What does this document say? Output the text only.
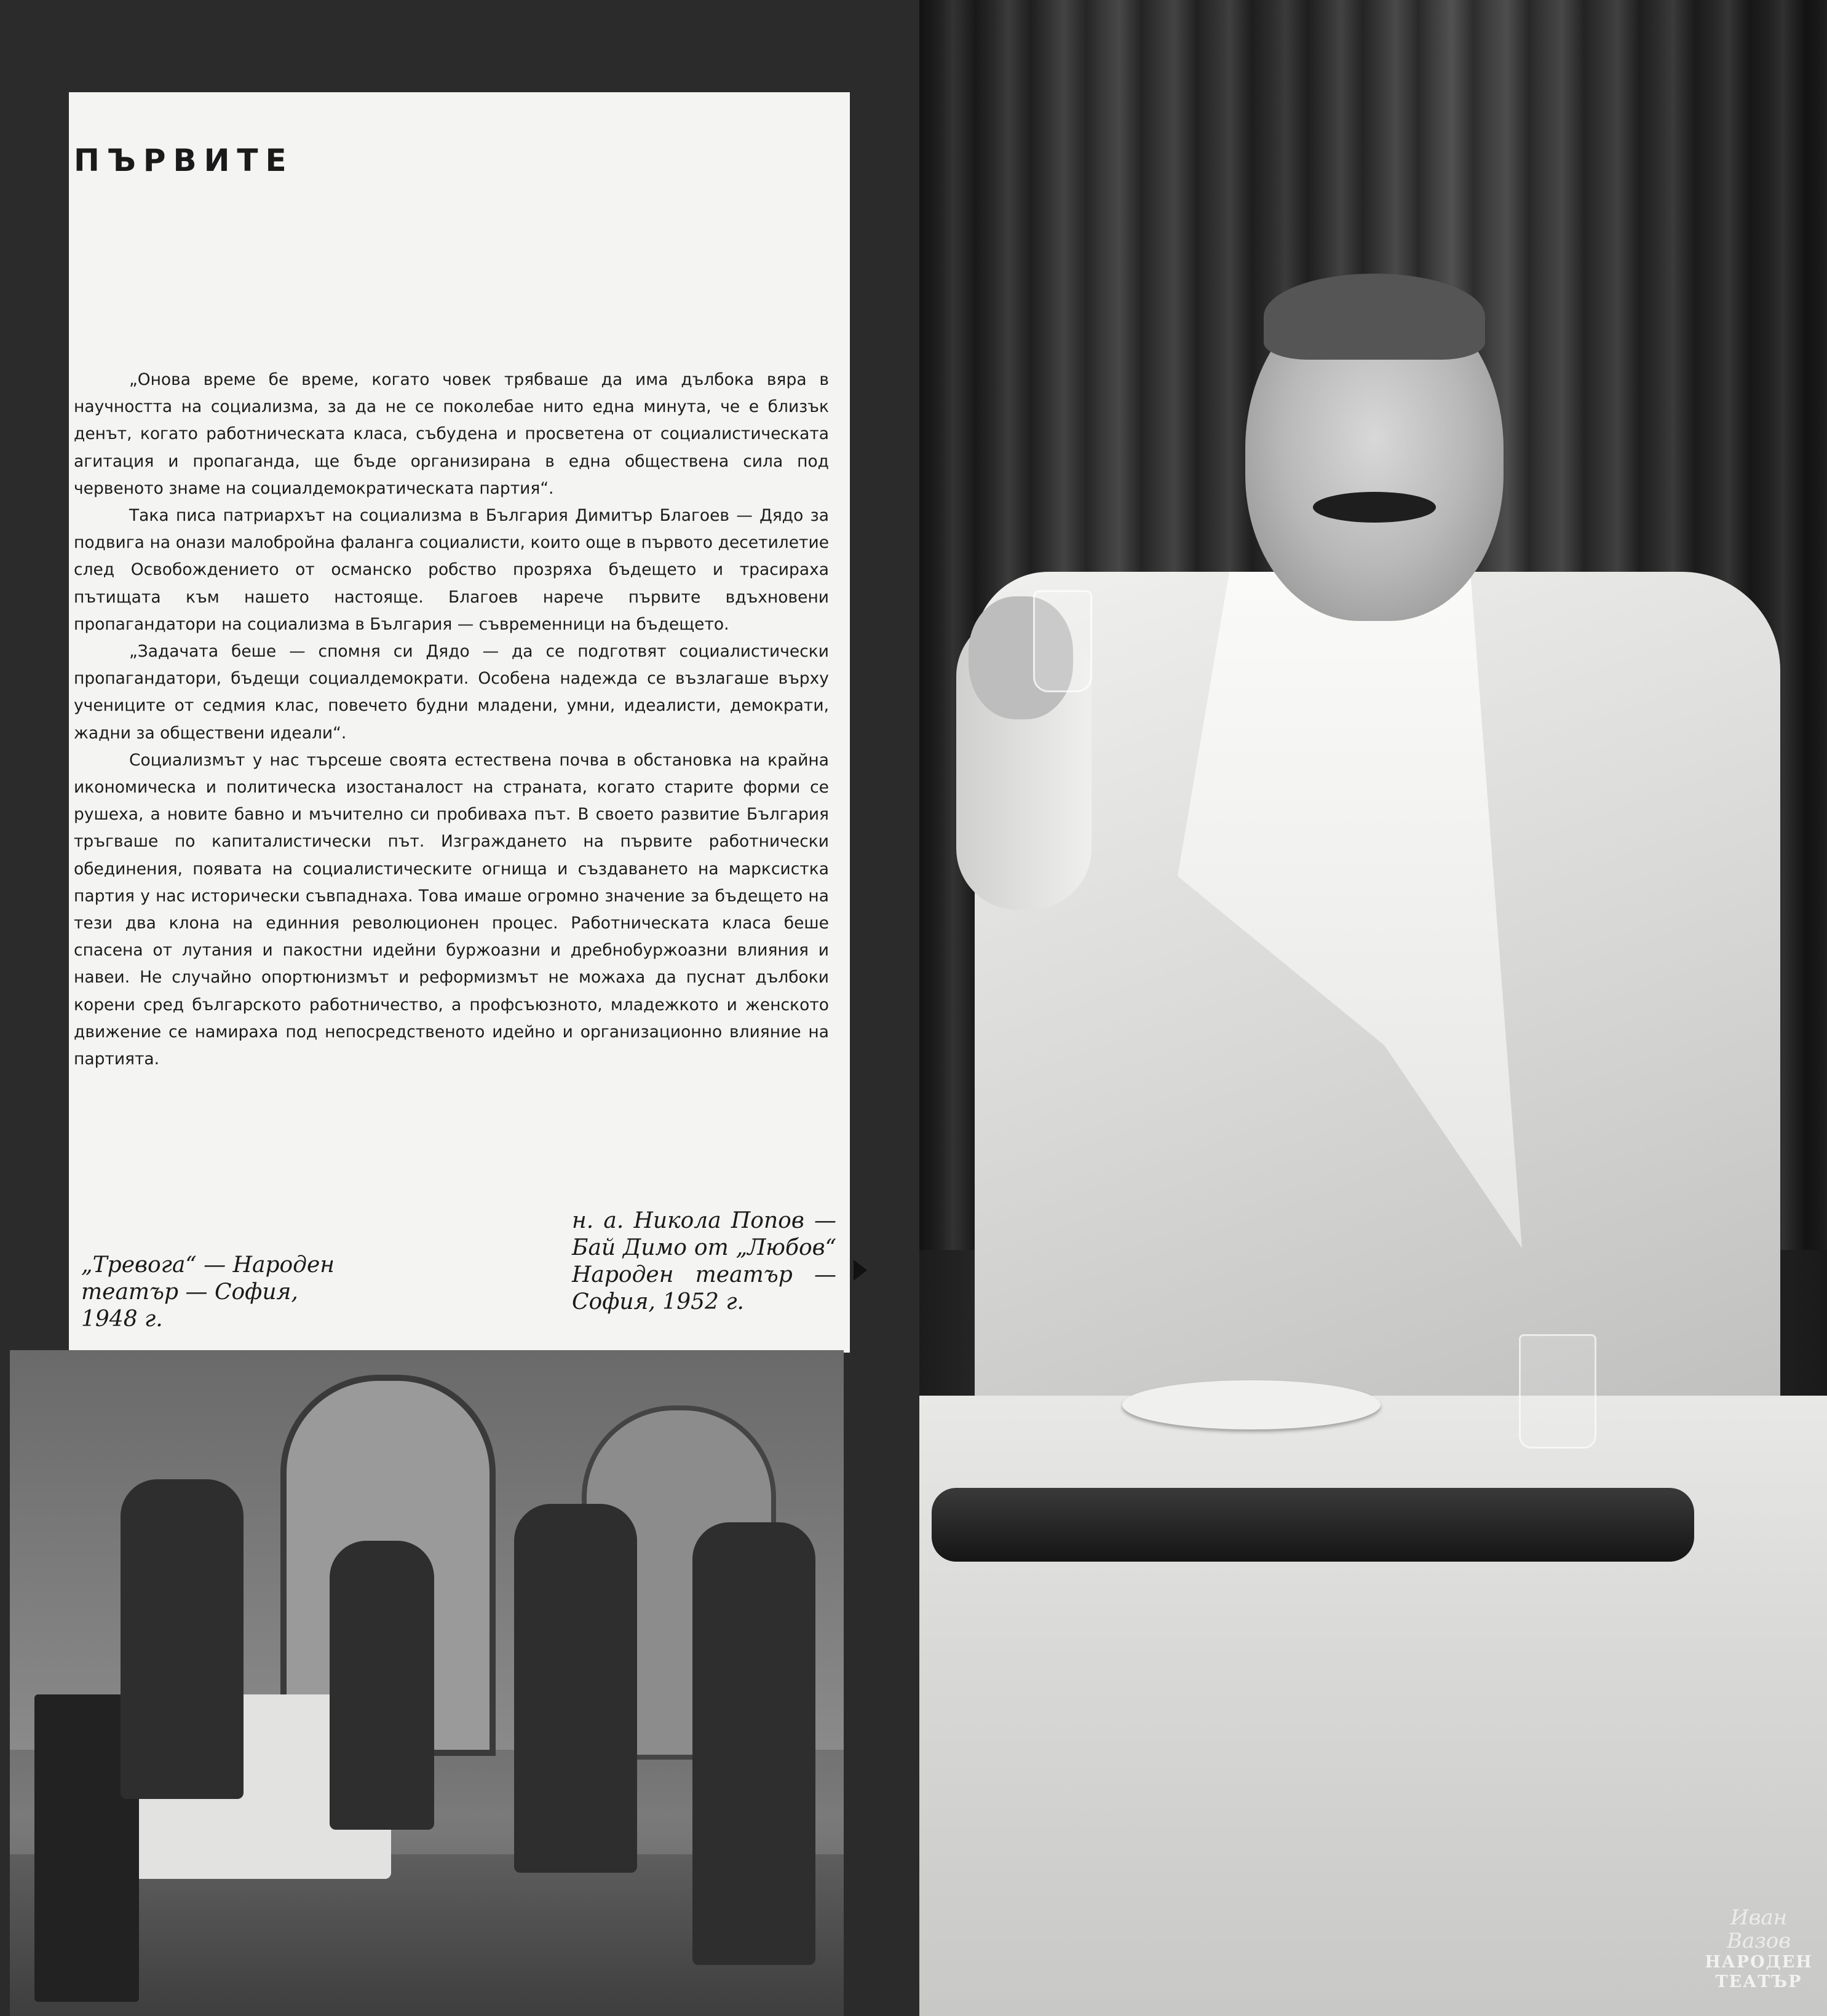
ПЪРВИТЕ

„Онова време бе време, когато човек трябваше да има дълбока вяра в научността на социализма, за да не се поколебае нито една минута, че е близък денът, когато работническата класа, събудена и просветена от социалистическата агитация и пропаганда, ще бъде организирана в една обществена сила под червеното знаме на социалдемократическата партия“.

Така писа патриархът на социализма в България Димитър Благоев — Дядо за подвига на онази малобройна фаланга социалисти, които още в първото десетилетие след Освобождението от османско робство прозряха бъдещето и трасираха пътищата към нашето настояще. Благоев нарече първите вдъхновени пропагандатори на социализма в България — съвременници на бъдещето.

„Задачата беше — спомня си Дядо — да се подготвят социалистически пропагандатори, бъдещи социалдемократи. Особена надежда се възлагаше върху учениците от седмия клас, повечето будни младени, умни, идеалисти, демократи, жадни за обществени идеали“.

Социализмът у нас търсеше своята естествена почва в обстановка на крайна икономическа и политическа изостаналост на страната, когато старите форми се рушеха, а новите бавно и мъчително си пробиваха път. В своето развитие България тръгваше по капиталистически път. Изграждането на първите работнически обединения, появата на социалистическите огнища и създаването на марксистка партия у нас исторически съвпаднаха. Това имаше огромно значение за бъдещето на тези два клона на единния революционен процес. Работническата класа беше спасена от лутания и пакостни идейни буржоазни и дребнобуржоазни влияния и навеи. Не случайно опортюнизмът и реформизмът не можаха да пуснат дълбоки корени сред българското работничество, а профсъюзното, младежкото и женското движение се намираха под непосредственото идейно и организационно влияние на партията.

„Тревога“ — Народен театър — София, 1948 г.
н. а. Никола Попов — Бай Димо от „Любов“ Народен театър — София, 1952 г.
Иван Вазов
НАРОДЕН
ТЕАТЪР
